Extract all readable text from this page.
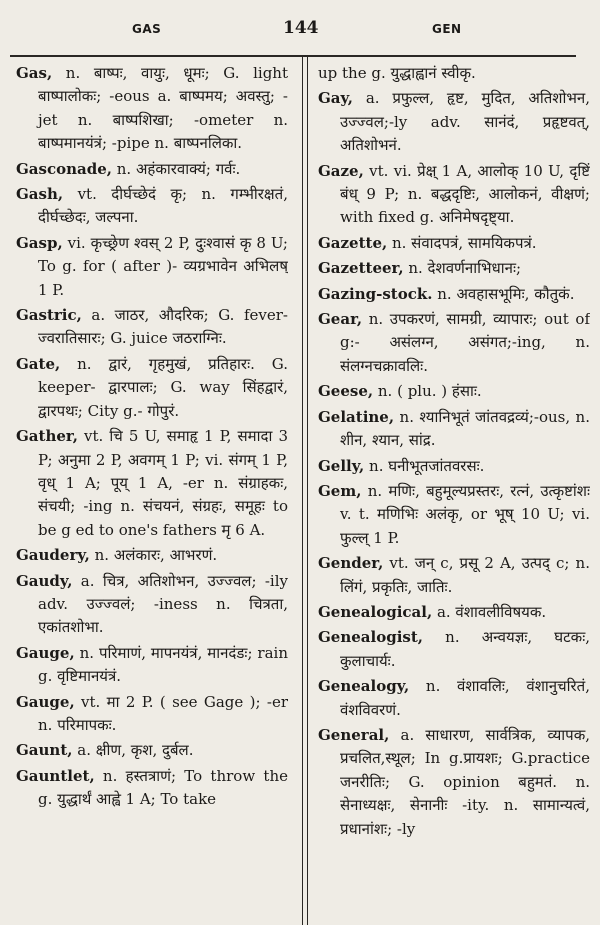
GAS	144	GEN

Gas, n. बाष्पः, वायुः, धूमः; G. light बाष्पालोकः; -eous a. बाष्पमय; अवस्तु; -jet n. बाष्पशिखा; -ometer n. बाष्पमानयंत्रं; -pipe n. बाष्पनलिका.

Gasconade, n. अहंकारवाक्यं; गर्वः.

Gash, vt. दीर्घच्छेदं कृ; n. गम्भीरक्षतं, दीर्घच्छेदः, जल्पना.

Gasp, vi. कृच्छ्रेण श्वस् 2 P, दुःश्वासं कृ 8 U; To g. for ( after )- व्यग्रभावेन अभिलष् 1 P.

Gastric, a. जाठर, औदरिक; G. fever- ज्वरातिसारः; G. juice जठराग्निः.

Gate, n. द्वारं, गृहमुखं, प्रतिहारः. G. keeper- द्वारपालः; G. way सिंहद्वारं, द्वारपथः; City g.- गोपुरं.

Gather, vt. चि 5 U, समाहृ 1 P, समादा 3 P; अनुमा 2 P, अवगम् 1 P; vi. संगम् 1 P, वृध् 1 A; पूय् 1 A, -er n. संग्राहकः, संचयी; -ing n. संचयनं, संग्रहः, समूहः to be g ed to one's fathers मृ 6 A.

Gaudery, n. अलंकारः, आभरणं.

Gaudy, a. चित्र, अतिशोभन, उज्ज्वल; -ily adv. उज्ज्वलं; -iness n. चित्रता, एकांतशोभा.

Gauge, n. परिमाणं, मापनयंत्रं, मानदंडः; rain g. वृष्टिमानयंत्रं.

Gauge, vt. मा 2 P. ( see Gage ); -er n. परिमापकः.

Gaunt, a. क्षीण, कृश, दुर्बल.

Gauntlet, n. हस्तत्राणं; To throw the g. युद्धार्थं आह्वे 1 A; To take

up the g. युद्धाह्वानं स्वीकृ.

Gay, a. प्रफुल्ल, हृष्ट, मुदित, अतिशोभन, उज्ज्वल;-ly adv. सानंदं, प्रहृष्टवत्, अतिशोभनं.

Gaze, vt. vi. प्रेक्ष् 1 A, आलोक् 10 U, दृष्टिं बंध् 9 P; n. बद्धदृष्टिः, आलोकनं, वीक्षणं; with fixed g. अनिमेषदृष्ट्या.

Gazette, n. संवादपत्रं, सामयिकपत्रं.

Gazetteer, n. देशवर्णनाभिधानः;

Gazing-stock. n. अवहासभूमिः, कौतुकं.

Gear, n. उपकरणं, सामग्री, व्यापारः; out of g:- असंलग्न, असंगत;-ing, n. संलग्नचक्रावलिः.

Geese, n. ( plu. ) हंसाः.

Gelatine, n. श्यानिभूतं जांतवद्रव्यं;-ous, n. शीन, श्यान, सांद्र.

Gelly, n. घनीभूतजांतवरसः.

Gem, n. मणिः, बहुमूल्यप्रस्तरः, रत्नं, उत्कृष्टांशः v. t. मणिभिः अलंकृ, or भूष् 10 U; vi. फुल्ल् 1 P.

Gender, vt. जन् c, प्रसू 2 A, उत्पद् c; n. लिंगं, प्रकृतिः, जातिः.

Genealogical, a. वंशावलीविषयक.

Genealogist, n. अन्वयज्ञः, घटकः, कुलाचार्यः.

Genealogy, n. वंशावलिः, वंशानुचरितं, वंशविवरणं.

General, a. साधारण, सार्वत्रिक, व्यापक, प्रचलित,स्थूल; In g.प्रायशः; G.practice जनरीतिः; G. opinion बहुमतं. n. सेनाध्यक्षः, सेनानीः -ity. n. सामान्यत्वं, प्रधानांशः; -ly
